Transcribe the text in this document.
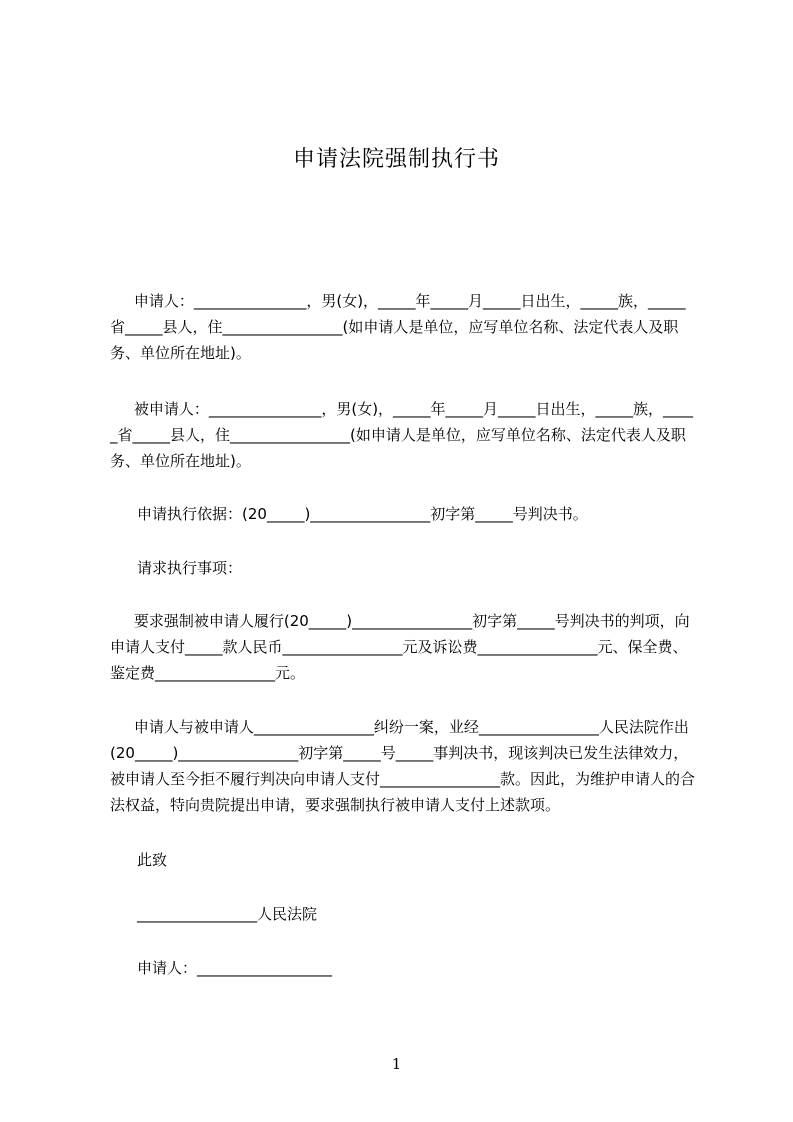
申请法院强制执行书
申请人：_______________，男(女)，_____年_____月_____日出生，_____族，_____省_____县人，住________________(如申请人是单位，应写单位名称、法定代表人及职务、单位所在地址)。
被申请人：_______________，男(女)，_____年_____月_____日出生，_____族，_____省_____县人，住________________(如申请人是单位，应写单位名称、法定代表人及职务、单位所在地址)。
申请执行依据：(20_____)________________初字第_____号判决书。
请求执行事项：
要求强制被申请人履行(20_____)________________初字第_____号判决书的判项，向申请人支付_____款人民币________________元及诉讼费________________元、保全费、鉴定费________________元。
申请人与被申请人________________纠纷一案，业经________________人民法院作出(20_____)________________初字第_____号_____事判决书，现该判决已发生法律效力，被申请人至今拒不履行判决向申请人支付________________款。因此，为维护申请人的合法权益，特向贵院提出申请，要求强制执行被申请人支付上述款项。
此致
________________人民法院
申请人：__________________
1
